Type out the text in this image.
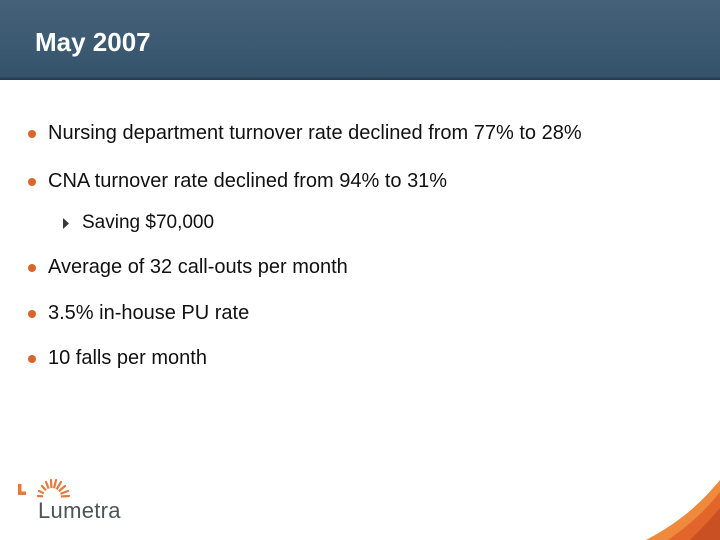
May 2007
Nursing department turnover rate declined from 77% to 28%
CNA turnover rate declined from 94% to 31%
Saving $70,000
Average of 32 call-outs per month
3.5% in-house PU rate
10 falls per month
Lumetra
